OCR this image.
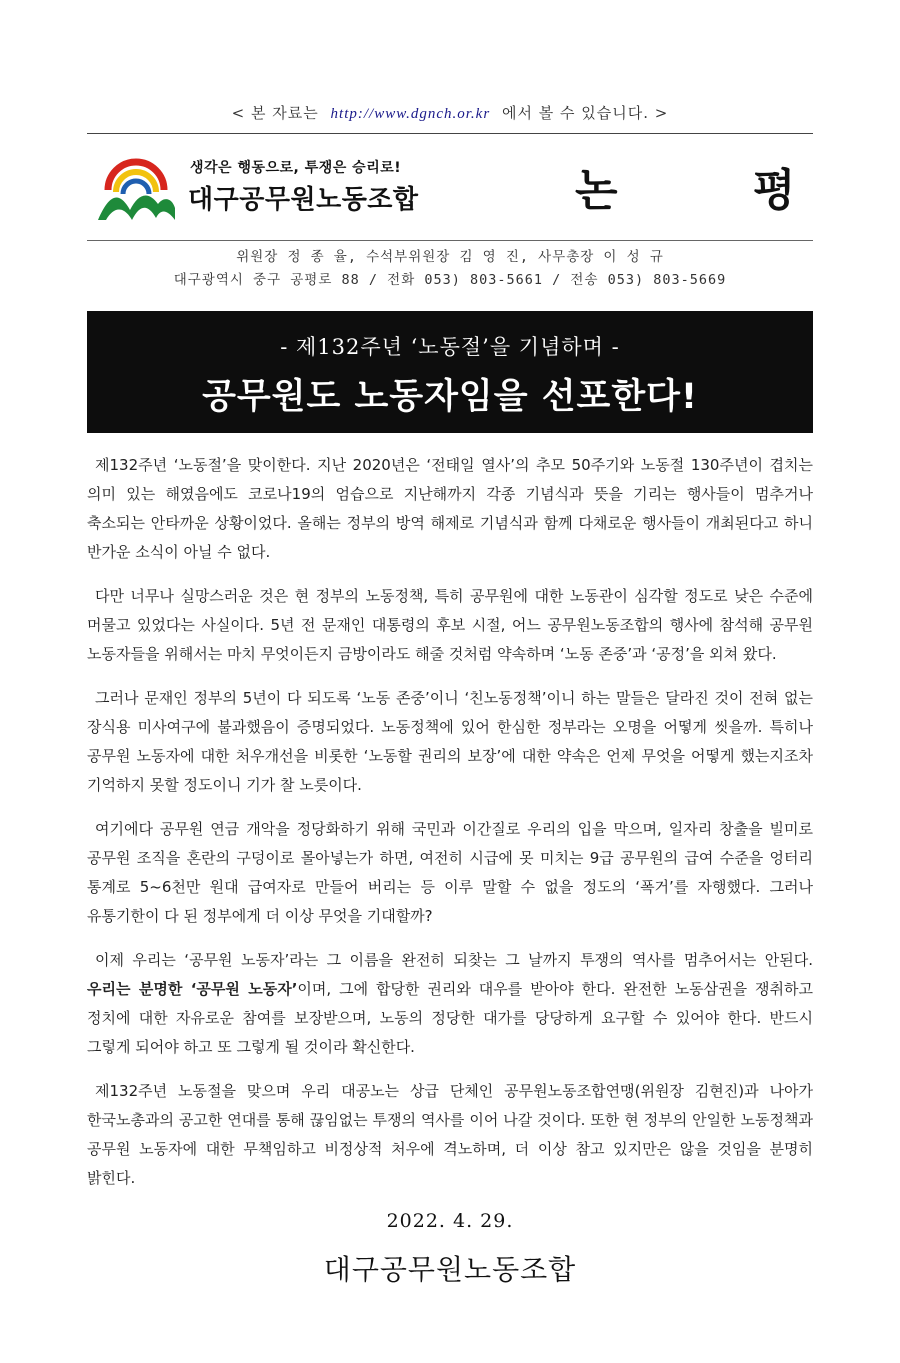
< 본 자료는 http://www.dgnch.or.kr 에서 볼 수 있습니다. >
생각은 행동으로, 투쟁은 승리로!
대구공무원노동조합	논 평
위원장 정 종 율, 수석부위원장 김 영 진, 사무총장 이 성 규
대구광역시 중구 공평로 88 / 전화 053) 803-5661 / 전송 053) 803-5669
- 제132주년 ‘노동절’을 기념하며 -
공무원도 노동자임을 선포한다!

제132주년 ‘노동절’을 맞이한다. 지난 2020년은 ‘전태일 열사’의 추모 50주기와 노동절 130주년이 겹치는 의미 있는 해였음에도 코로나19의 엄습으로 지난해까지 각종 기념식과 뜻을 기리는 행사들이 멈추거나 축소되는 안타까운 상황이었다. 올해는 정부의 방역 해제로 기념식과 함께 다채로운 행사들이 개최된다고 하니 반가운 소식이 아닐 수 없다.

다만 너무나 실망스러운 것은 현 정부의 노동정책, 특히 공무원에 대한 노동관이 심각할 정도로 낮은 수준에 머물고 있었다는 사실이다. 5년 전 문재인 대통령의 후보 시절, 어느 공무원노동조합의 행사에 참석해 공무원 노동자들을 위해서는 마치 무엇이든지 금방이라도 해줄 것처럼 약속하며 ‘노동 존중’과 ‘공정’을 외쳐 왔다.

그러나 문재인 정부의 5년이 다 되도록 ‘노동 존중’이니 ‘친노동정책’이니 하는 말들은 달라진 것이 전혀 없는 장식용 미사여구에 불과했음이 증명되었다. 노동정책에 있어 한심한 정부라는 오명을 어떻게 씻을까. 특히나 공무원 노동자에 대한 처우개선을 비롯한 ‘노동할 권리의 보장’에 대한 약속은 언제 무엇을 어떻게 했는지조차 기억하지 못할 정도이니 기가 찰 노릇이다.

여기에다 공무원 연금 개악을 정당화하기 위해 국민과 이간질로 우리의 입을 막으며, 일자리 창출을 빌미로 공무원 조직을 혼란의 구덩이로 몰아넣는가 하면, 여전히 시급에 못 미치는 9급 공무원의 급여 수준을 엉터리 통계로 5~6천만 원대 급여자로 만들어 버리는 등 이루 말할 수 없을 정도의 ‘폭거’를 자행했다. 그러나 유통기한이 다 된 정부에게 더 이상 무엇을 기대할까?

이제 우리는 ‘공무원 노동자’라는 그 이름을 완전히 되찾는 그 날까지 투쟁의 역사를 멈추어서는 안된다. 우리는 분명한 ‘공무원 노동자’이며, 그에 합당한 권리와 대우를 받아야 한다. 완전한 노동삼권을 쟁취하고 정치에 대한 자유로운 참여를 보장받으며, 노동의 정당한 대가를 당당하게 요구할 수 있어야 한다. 반드시 그렇게 되어야 하고 또 그렇게 될 것이라 확신한다.

제132주년 노동절을 맞으며 우리 대공노는 상급 단체인 공무원노동조합연맹(위원장 김현진)과 나아가 한국노총과의 공고한 연대를 통해 끊임없는 투쟁의 역사를 이어 나갈 것이다. 또한 현 정부의 안일한 노동정책과 공무원 노동자에 대한 무책임하고 비정상적 처우에 격노하며, 더 이상 참고 있지만은 않을 것임을 분명히 밝힌다.

2022. 4. 29.
대구공무원노동조합
